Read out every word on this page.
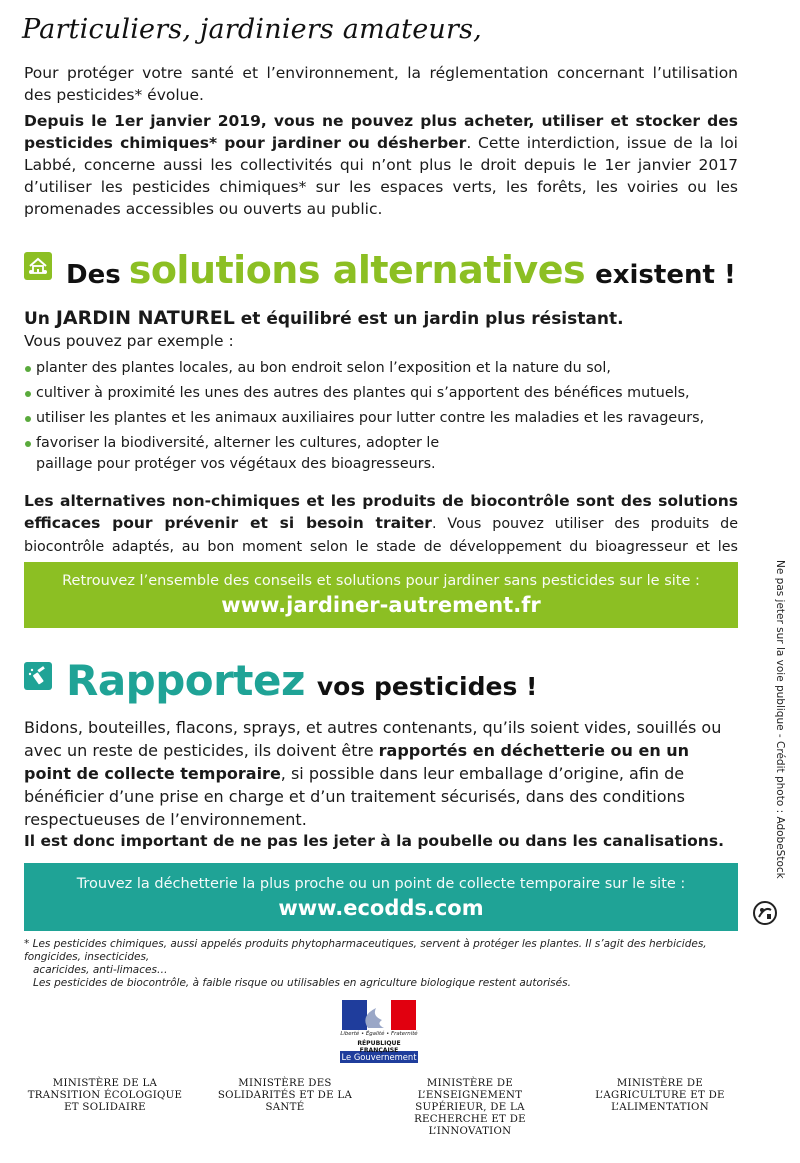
Particuliers, jardiniers amateurs,
Pour protéger votre santé et l’environnement, la réglementation concernant l’utilisation des pesticides* évolue.
Depuis le 1er janvier 2019, vous ne pouvez plus acheter, utiliser et stocker des pesticides chimiques* pour jardiner ou désherber. Cette interdiction, issue de la loi Labbé, concerne aussi les collectivités qui n’ont plus le droit depuis le 1er janvier 2017 d’utiliser les pesticides chimiques* sur les espaces verts, les forêts, les voiries ou les promenades accessibles ou ouverts au public.
Des solutions alternatives existent !
Un JARDIN NATUREL et équilibré est un jardin plus résistant.
Vous pouvez par exemple :
planter des plantes locales, au bon endroit selon l’exposition et la nature du sol,
cultiver à proximité les unes des autres des plantes qui s’apportent des bénéfices mutuels,
utiliser les plantes et les animaux auxiliaires pour lutter contre les maladies et les ravageurs,
favoriser la biodiversité, alterner les cultures, adopter le paillage pour protéger vos végétaux des bioagresseurs.
Les alternatives non-chimiques et les produits de biocontrôle sont des solutions efficaces pour prévenir et si besoin traiter. Vous pouvez utiliser des produits de biocontrôle adaptés, au bon moment selon le stade de développement du bioagresseur et les
Retrouvez l’ensemble des conseils et solutions pour jardiner sans pesticides sur le site :
www.jardiner-autrement.fr
Rapportez vos pesticides !
Bidons, bouteilles, flacons, sprays, et autres contenants, qu’ils soient vides, souillés ou avec un reste de pesticides, ils doivent être rapportés en déchetterie ou en un point de collecte temporaire, si possible dans leur emballage d’origine, afin de bénéficier d’une prise en charge et d’un traitement sécurisés, dans des conditions respectueuses de l’environnement.
Il est donc important de ne pas les jeter à la poubelle ou dans les canalisations.
Trouvez la déchetterie la plus proche ou un point de collecte temporaire sur le site :
www.ecodds.com
* Les pesticides chimiques, aussi appelés produits phytopharmaceutiques, servent à protéger les plantes. Il s’agit des herbicides, fongicides, insecticides,
acaricides, anti-limaces…
Les pesticides de biocontrôle, à faible risque ou utilisables en agriculture biologique restent autorisés.
Ne pas jeter sur la voie publique - Crédit photo : AdobeStock
Liberté • Égalité • Fraternité
RÉPUBLIQUE FRANÇAISE
Le Gouvernement
MINISTÈRE DE LA TRANSITION ÉCOLOGIQUE ET SOLIDAIRE
MINISTÈRE DES SOLIDARITÉS ET DE LA SANTÉ
MINISTÈRE DE L’ENSEIGNEMENT SUPÉRIEUR, DE LA RECHERCHE ET DE L’INNOVATION
MINISTÈRE DE L’AGRICULTURE ET DE L’ALIMENTATION
